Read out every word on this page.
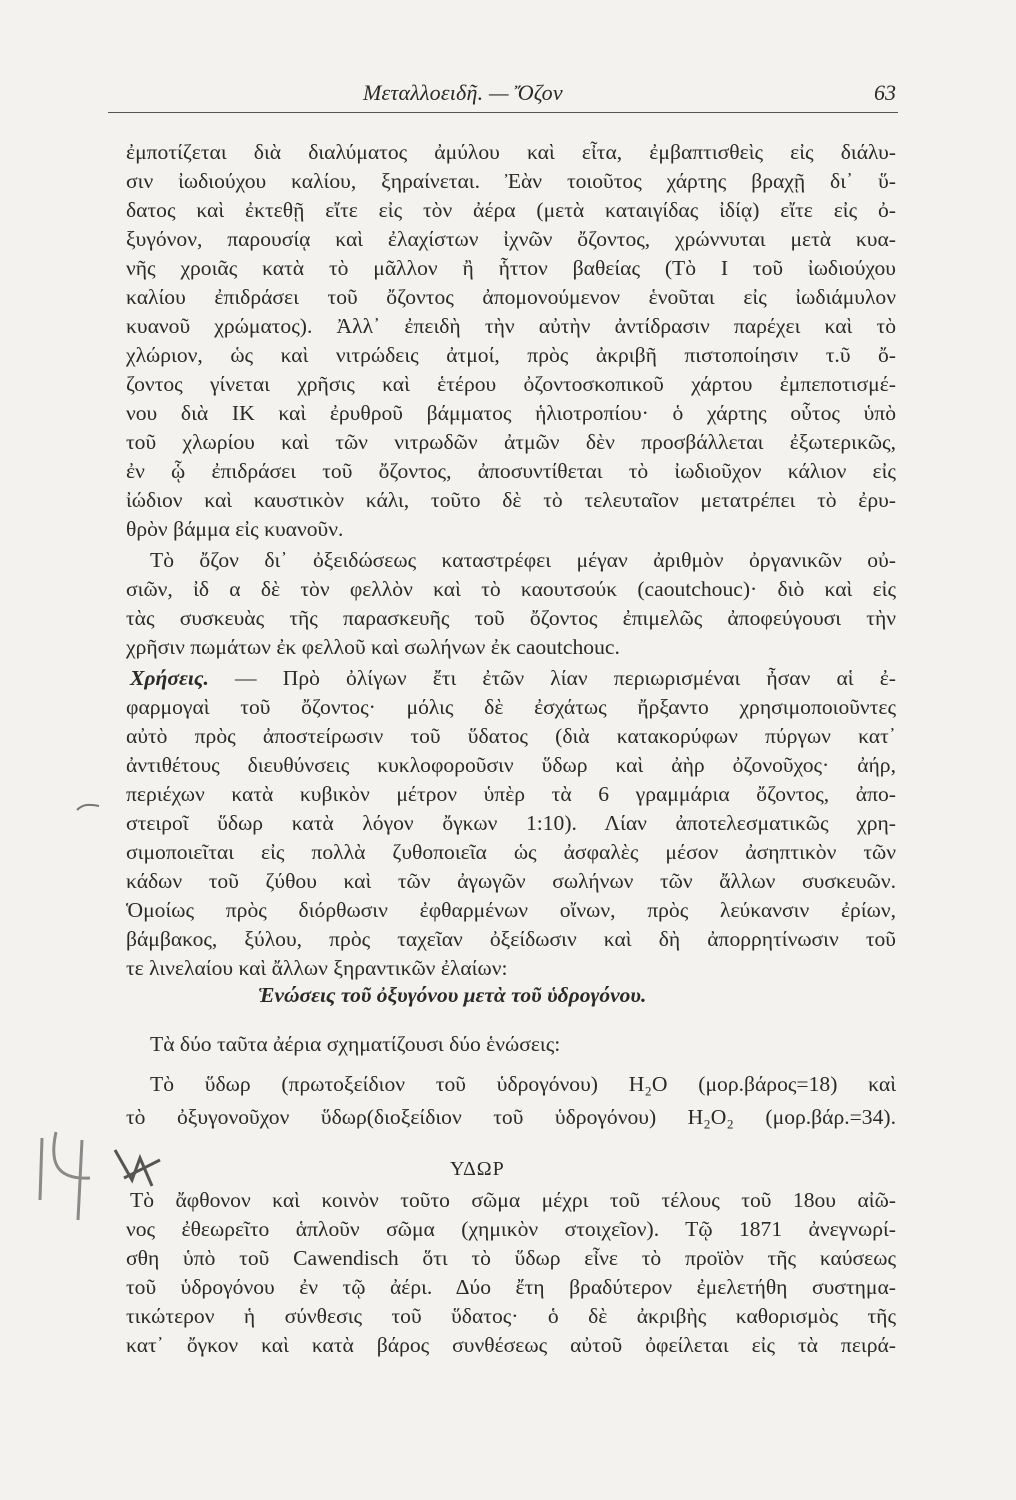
Μεταλλοειδῆ. — Ὄζον	63
ἐμποτίζεται διὰ διαλύματος ἀμύλου καὶ εἶτα, ἐμβαπτισθεὶς εἰς διάλυ-
σιν ἰωδιούχου καλίου, ξηραίνεται. Ἐὰν τοιοῦτος χάρτης βραχῇ δι᾽ ὕ-
δατος καὶ ἐκτεθῇ εἴτε εἰς τὸν ἀέρα (μετὰ καταιγίδας ἰδίᾳ) εἴτε εἰς ὀ-
ξυγόνον, παρουσίᾳ καὶ ἐλαχίστων ἰχνῶν ὄζοντος, χρώννυται μετὰ κυα-
νῆς χροιᾶς κατὰ τὸ μᾶλλον ἢ ἧττον βαθείας (Τὸ Ι τοῦ ἰωδιούχου
καλίου ἐπιδράσει τοῦ ὄζοντος ἀπομονούμενον ἑνοῦται εἰς ἰωδιάμυλον
κυανοῦ χρώματος). Ἀλλ᾽ ἐπειδὴ τὴν αὐτὴν ἀντίδρασιν παρέχει καὶ τὸ
χλώριον, ὡς καὶ νιτρώδεις ἀτμοί, πρὸς ἀκριβῆ πιστοποίησιν τ.ῦ ὄ-
ζοντος γίνεται χρῆσις καὶ ἑτέρου ὀζοντοσκοπικοῦ χάρτου ἐμπεποτισμέ-
νου διὰ ΙΚ καὶ ἐρυθροῦ βάμματος ἡλιοτροπίου· ὁ χάρτης οὗτος ὑπὸ
τοῦ χλωρίου καὶ τῶν νιτρωδῶν ἀτμῶν δὲν προσβάλλεται ἐξωτερικῶς,
ἐν ᾧ ἐπιδράσει τοῦ ὄζοντος, ἀποσυντίθεται τὸ ἰωδιοῦχον κάλιον εἰς
ἰώδιον καὶ καυστικὸν κάλι, τοῦτο δὲ τὸ τελευταῖον μετατρέπει τὸ ἐρυ-
θρὸν βάμμα εἰς κυανοῦν.
Τὸ ὄζον δι᾽ ὀξειδώσεως καταστρέφει μέγαν ἀριθμὸν ὀργανικῶν οὐ-
σιῶν, ἰδ α δὲ τὸν φελλὸν καὶ τὸ καουτσούκ (caoutchouc)· διὸ καὶ εἰς
τὰς συσκευὰς τῆς παρασκευῆς τοῦ ὄζοντος ἐπιμελῶς ἀποφεύγουσι τὴν
χρῆσιν πωμάτων ἐκ φελλοῦ καὶ σωλήνων ἐκ caoutchouc.
Χρήσεις. — Πρὸ ὀλίγων ἔτι ἐτῶν λίαν περιωρισμέναι ἦσαν αἱ ἐ-
φαρμογαὶ τοῦ ὄζοντος· μόλις δὲ ἐσχάτως ἤρξαντο χρησιμοποιοῦντες
αὐτὸ πρὸς ἀποστείρωσιν τοῦ ὕδατος (διὰ κατακορύφων πύργων κατ᾽
ἀντιθέτους διευθύνσεις κυκλοφοροῦσιν ὕδωρ καὶ ἀὴρ ὀζονοῦχος· ἀήρ,
περιέχων κατὰ κυβικὸν μέτρον ὑπὲρ τὰ 6 γραμμάρια ὄζοντος, ἀπο-
στειροῖ ὕδωρ κατὰ λόγον ὄγκων 1:10). Λίαν ἀποτελεσματικῶς χρη-
σιμοποιεῖται εἰς πολλὰ ζυθοποιεῖα ὡς ἀσφαλὲς μέσον ἀσηπτικὸν τῶν
κάδων τοῦ ζύθου καὶ τῶν ἀγωγῶν σωλήνων τῶν ἄλλων συσκευῶν.
Ὁμοίως πρὸς διόρθωσιν ἐφθαρμένων οἴνων, πρὸς λεύκανσιν ἐρίων,
βάμβακος, ξύλου, πρὸς ταχεῖαν ὀξείδωσιν καὶ δὴ ἀπορρητίνωσιν τοῦ
τε λινελαίου καὶ ἄλλων ξηραντικῶν ἐλαίων:
Ἑνώσεις τοῦ ὀξυγόνου μετὰ τοῦ ὑδρογόνου.
Τὰ δύο ταῦτα ἀέρια σχηματίζουσι δύο ἑνώσεις:
Τὸ ὕδωρ (πρωτοξείδιον τοῦ ὑδρογόνου) H₂O (μορ.βάρος=18) καὶ
τὸ ὀξυγονοῦχον ὕδωρ(διοξείδιον τοῦ ὑδρογόνου) H₂O₂ (μορ.βάρ.=34).
ΥΔΩΡ
Τὸ ἄφθονον καὶ κοινὸν τοῦτο σῶμα μέχρι τοῦ τέλους τοῦ 18ου αἰῶ-
νος ἐθεωρεῖτο ἁπλοῦν σῶμα (χημικὸν στοιχεῖον). Τῷ 1871 ἀνεγνωρί-
σθη ὑπὸ τοῦ Cawendisch ὅτι τὸ ὕδωρ εἶνε τὸ προϊὸν τῆς καύσεως
τοῦ ὑδρογόνου ἐν τῷ ἀέρι. Δύο ἔτη βραδύτερον ἐμελετήθη συστημα-
τικώτερον ἡ σύνθεσις τοῦ ὕδατος· ὁ δὲ ἀκριβὴς καθορισμὸς τῆς
κατ᾽ ὄγκον καὶ κατὰ βάρος συνθέσεως αὐτοῦ ὀφείλεται εἰς τὰ πειρά-
